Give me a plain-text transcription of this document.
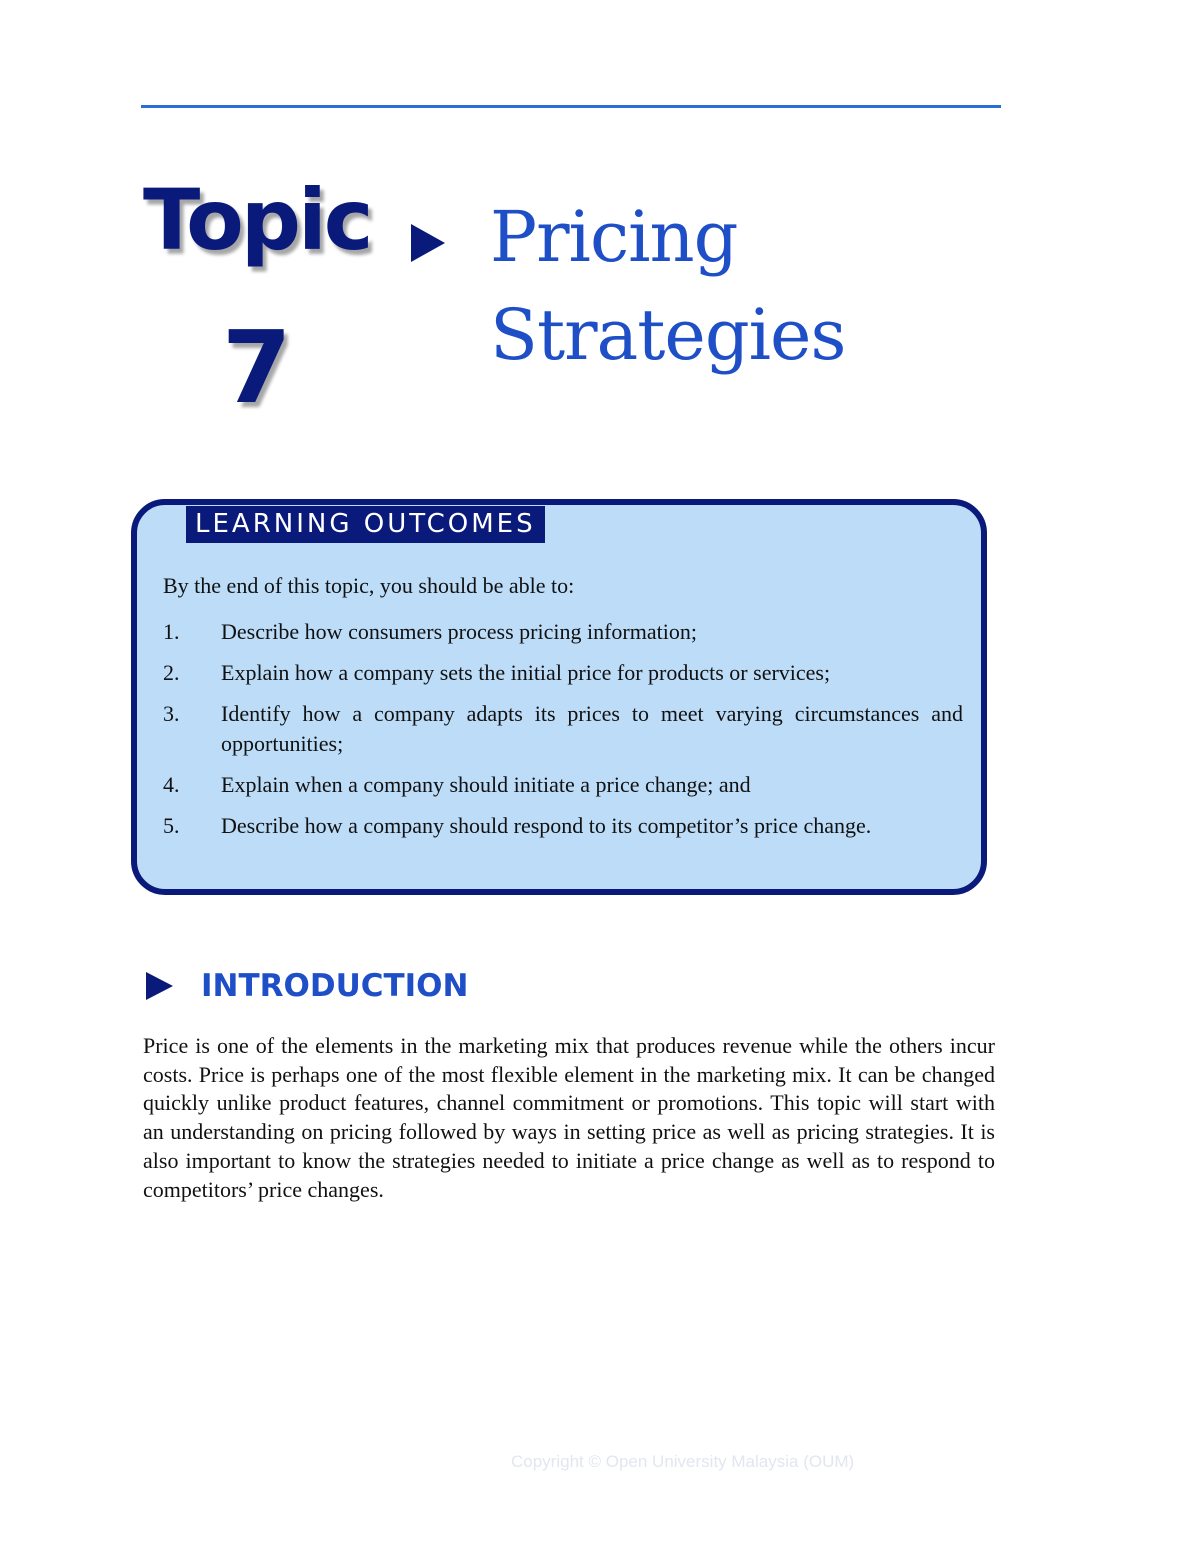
Topic
7
Pricing
Strategies
LEARNING OUTCOMES
By the end of this topic, you should be able to:
1. Describe how consumers process pricing information;
2. Explain how a company sets the initial price for products or services;
3. Identify how a company adapts its prices to meet varying circumstances and opportunities;
4. Explain when a company should initiate a price change; and
5. Describe how a company should respond to its competitor’s price change.
INTRODUCTION
Price is one of the elements in the marketing mix that produces revenue while the others incur costs. Price is perhaps one of the most flexible element in the marketing mix. It can be changed quickly unlike product features, channel commitment or promotions. This topic will start with an understanding on pricing followed by ways in setting price as well as pricing strategies. It is also important to know the strategies needed to initiate a price change as well as to respond to competitors’ price changes.
Copyright © Open University Malaysia (OUM)
